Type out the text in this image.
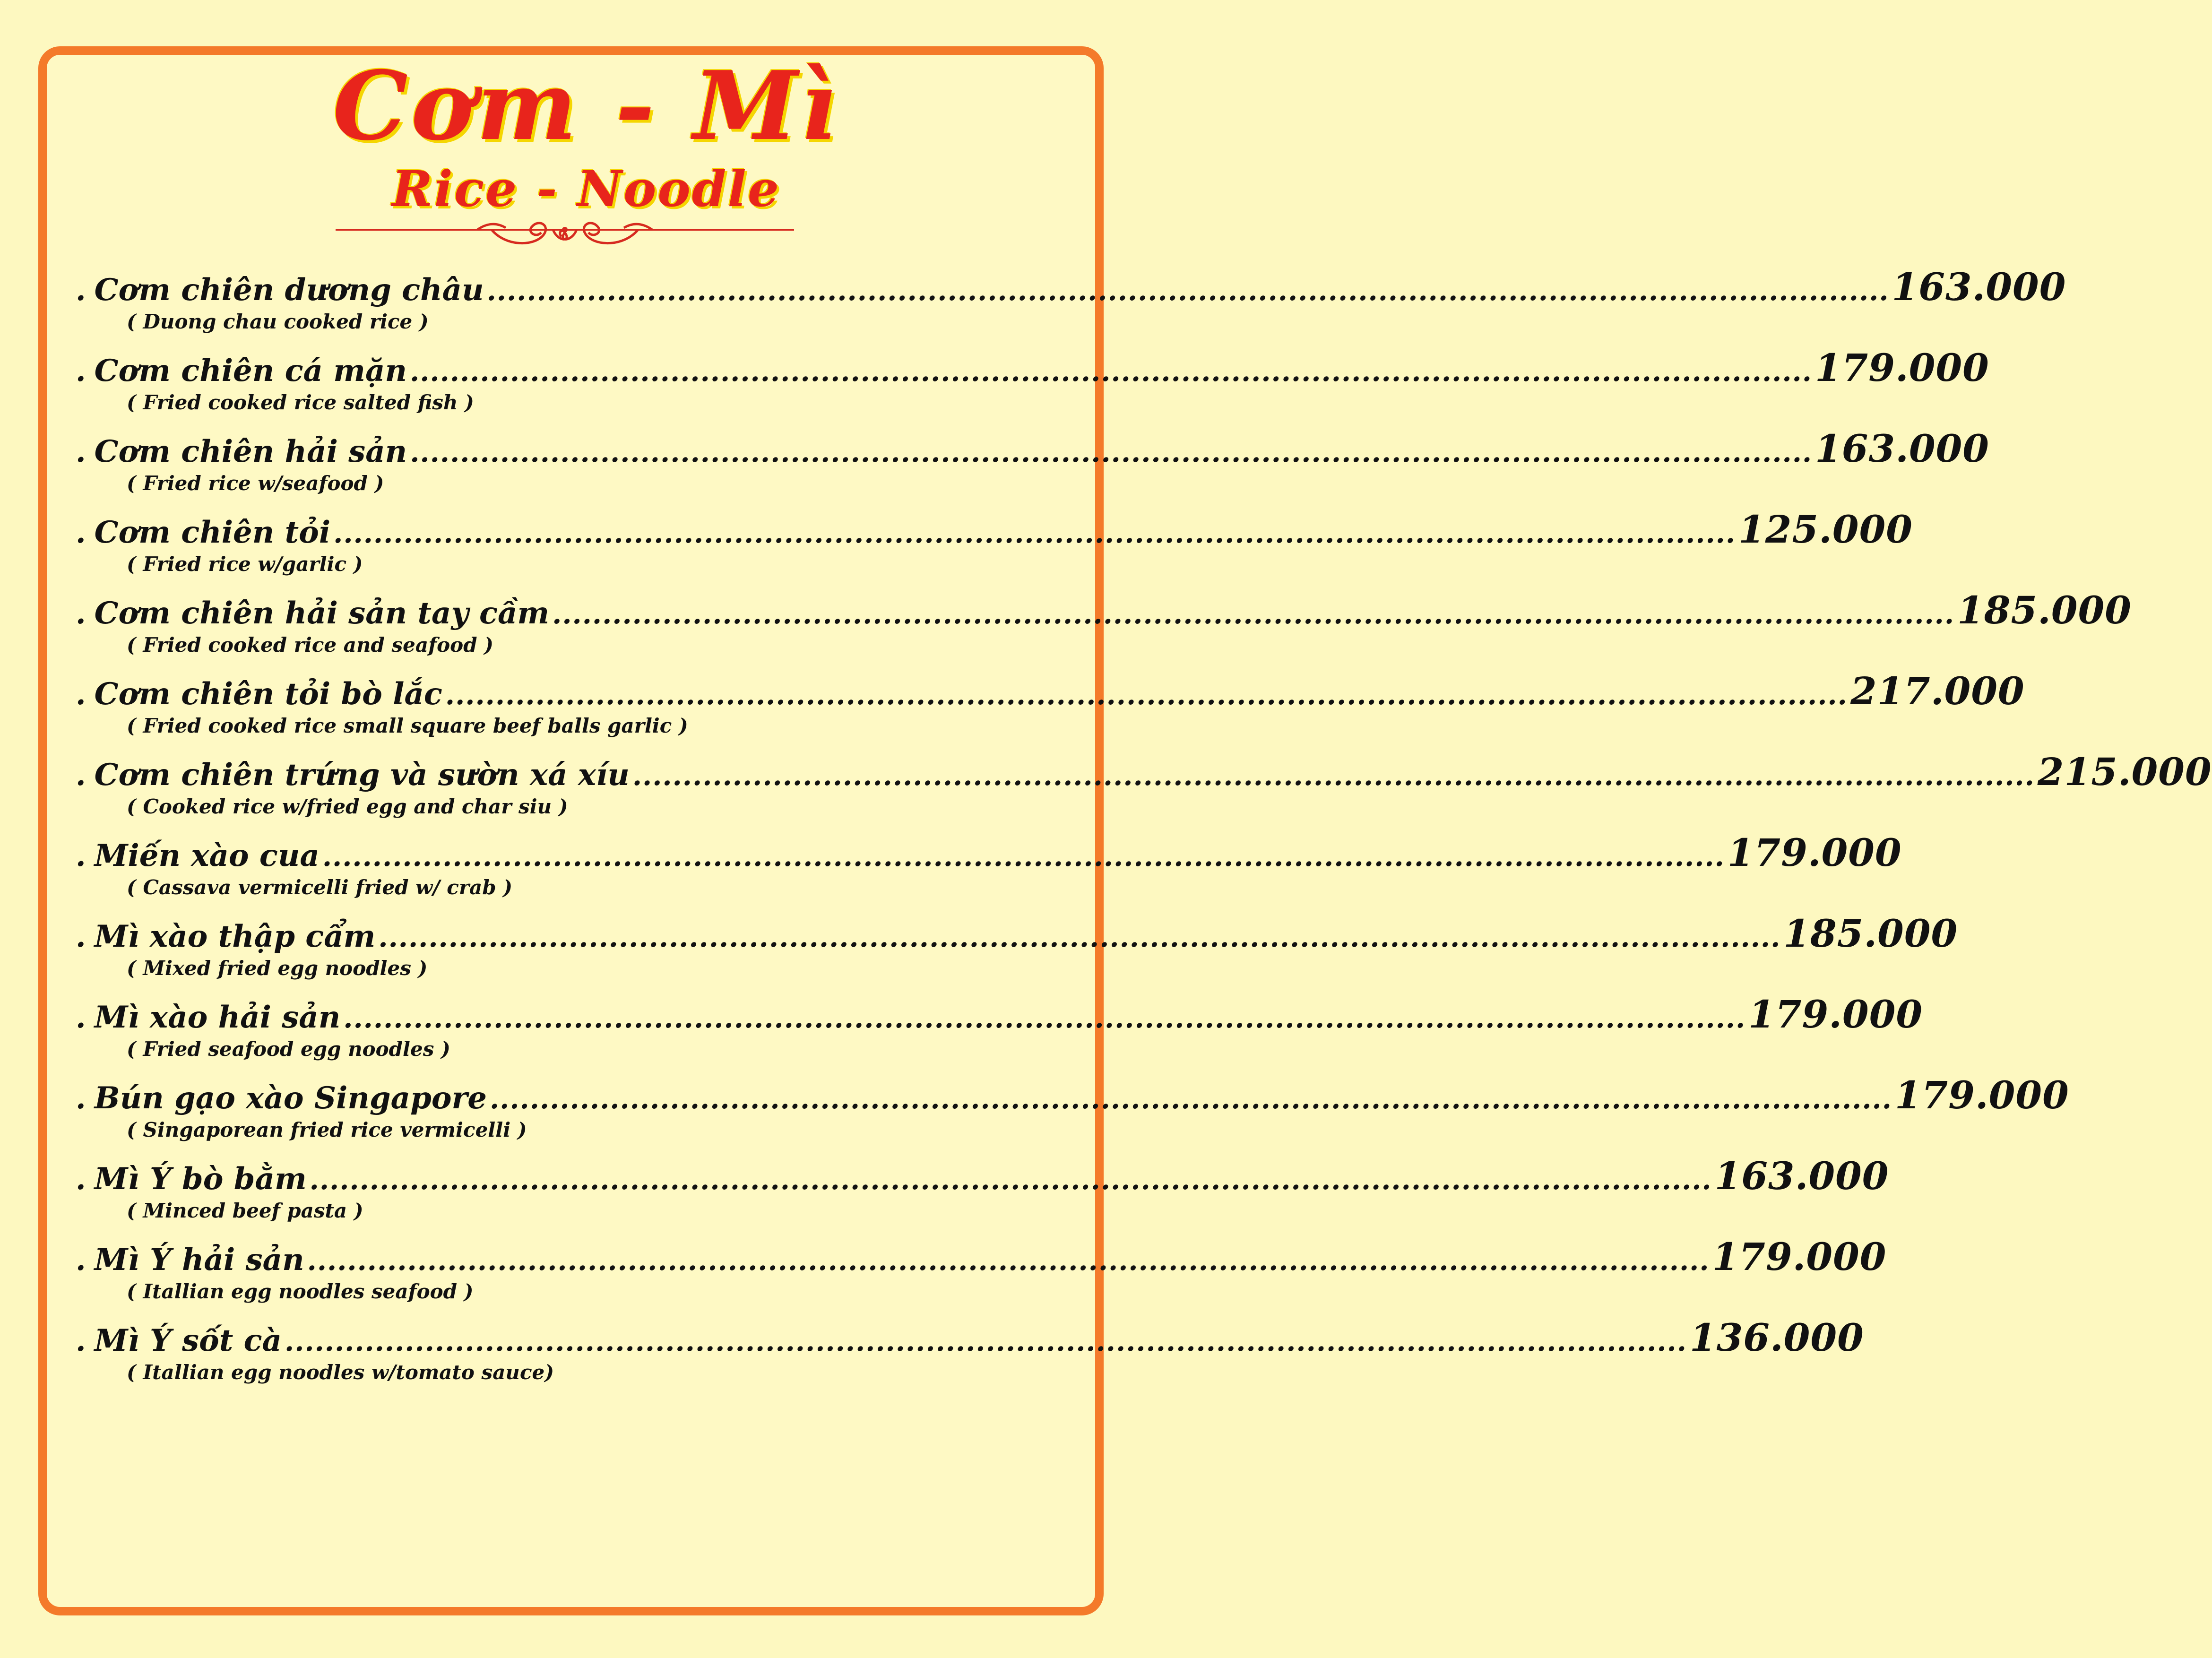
Cơm - Mì
Rice - Noodle
. Cơm chiên dương châu ............................................................................................................................................ 163.000
( Duong chau cooked rice )
. Cơm chiên cá mặn ............................................................................................................................................ 179.000
( Fried cooked rice salted fish )
. Cơm chiên hải sản ............................................................................................................................................ 163.000
( Fried rice w/seafood )
. Cơm chiên tỏi ............................................................................................................................................ 125.000
( Fried rice w/garlic )
. Cơm chiên hải sản tay cầm ............................................................................................................................................ 185.000
( Fried cooked rice and seafood )
. Cơm chiên tỏi bò lắc ............................................................................................................................................ 217.000
( Fried cooked rice small square beef balls garlic )
. Cơm chiên trứng và sườn xá xíu ............................................................................................................................................ 215.000
( Cooked rice w/fried egg and char siu )
. Miến xào cua ............................................................................................................................................ 179.000
( Cassava vermicelli fried w/ crab )
. Mì xào thập cẩm ............................................................................................................................................ 185.000
( Mixed fried egg noodles )
. Mì xào hải sản ............................................................................................................................................ 179.000
( Fried seafood egg noodles )
. Bún gạo xào Singapore ............................................................................................................................................ 179.000
( Singaporean fried rice vermicelli )
. Mì Ý bò bằm ............................................................................................................................................ 163.000
( Minced beef pasta )
. Mì Ý hải sản ............................................................................................................................................ 179.000
( Itallian egg noodles seafood )
. Mì Ý sốt cà ............................................................................................................................................ 136.000
( Itallian egg noodles w/tomato sauce)
